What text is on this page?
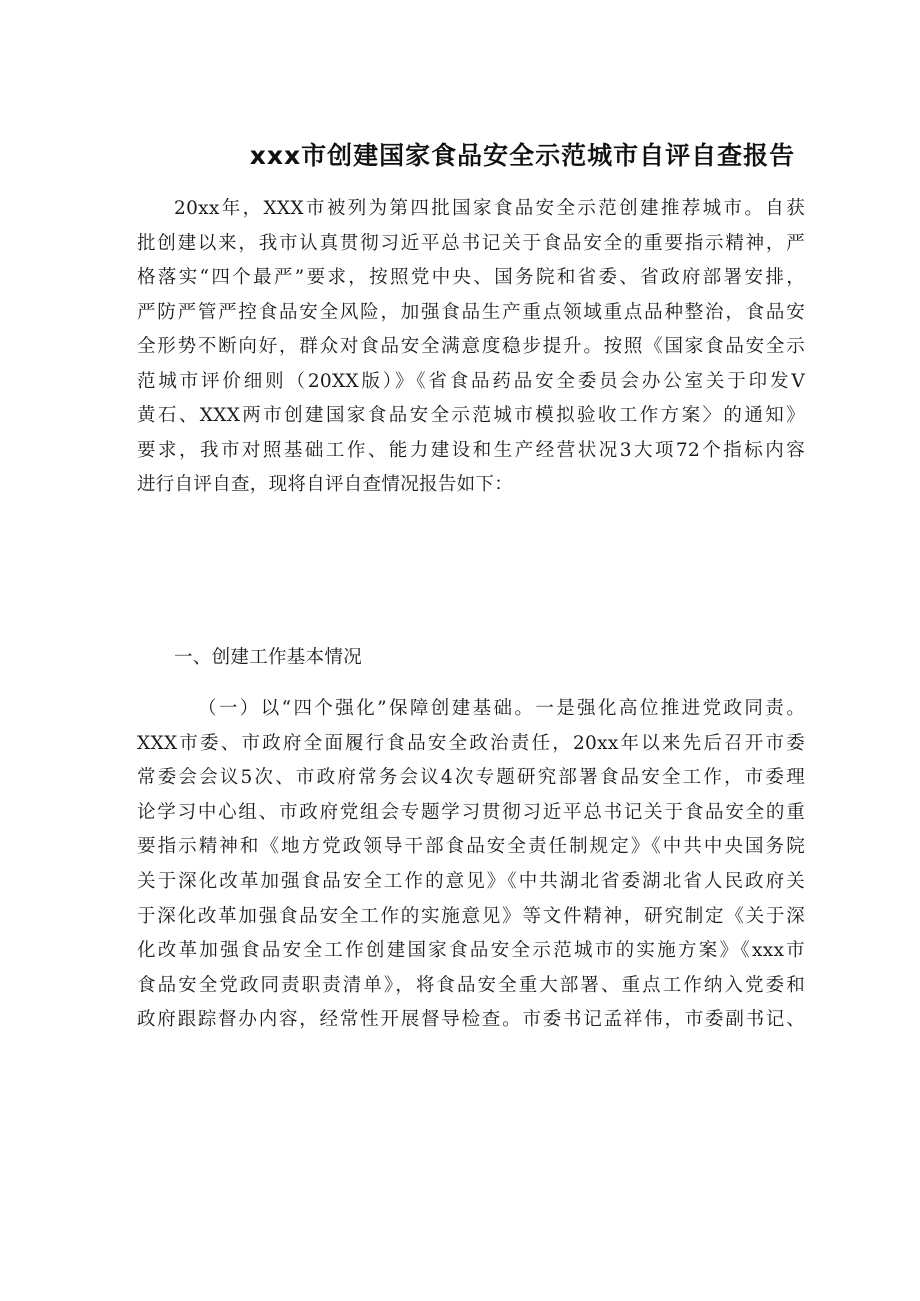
xxx市创建国家食品安全示范城市自评自查报告
20xx年，XXX市被列为第四批国家食品安全示范创建推荐城市。自获
批创建以来，我市认真贯彻习近平总书记关于食品安全的重要指示精神，严
格落实“四个最严”要求，按照党中央、国务院和省委、省政府部署安排，
严防严管严控食品安全风险，加强食品生产重点领域重点品种整治，食品安
全形势不断向好，群众对食品安全满意度稳步提升。按照《国家食品安全示
范城市评价细则（20XX版）》《省食品药品安全委员会办公室关于印发Ⅴ
黄石、XXX两市创建国家食品安全示范城市模拟验收工作方案〉的通知》
要求，我市对照基础工作、能力建设和生产经营状况3大项72个指标内容
进行自评自查，现将自评自查情况报告如下：
一、创建工作基本情况
（一）以“四个强化”保障创建基础。一是强化高位推进党政同责。
XXX市委、市政府全面履行食品安全政治责任，20xx年以来先后召开市委
常委会会议5次、市政府常务会议4次专题研究部署食品安全工作，市委理
论学习中心组、市政府党组会专题学习贯彻习近平总书记关于食品安全的重
要指示精神和《地方党政领导干部食品安全责任制规定》《中共中央国务院
关于深化改革加强食品安全工作的意见》《中共湖北省委湖北省人民政府关
于深化改革加强食品安全工作的实施意见》等文件精神，研究制定《关于深
化改革加强食品安全工作创建国家食品安全示范城市的实施方案》《xxx市
食品安全党政同责职责清单》，将食品安全重大部署、重点工作纳入党委和
政府跟踪督办内容，经常性开展督导检查。市委书记孟祥伟，市委副书记、
